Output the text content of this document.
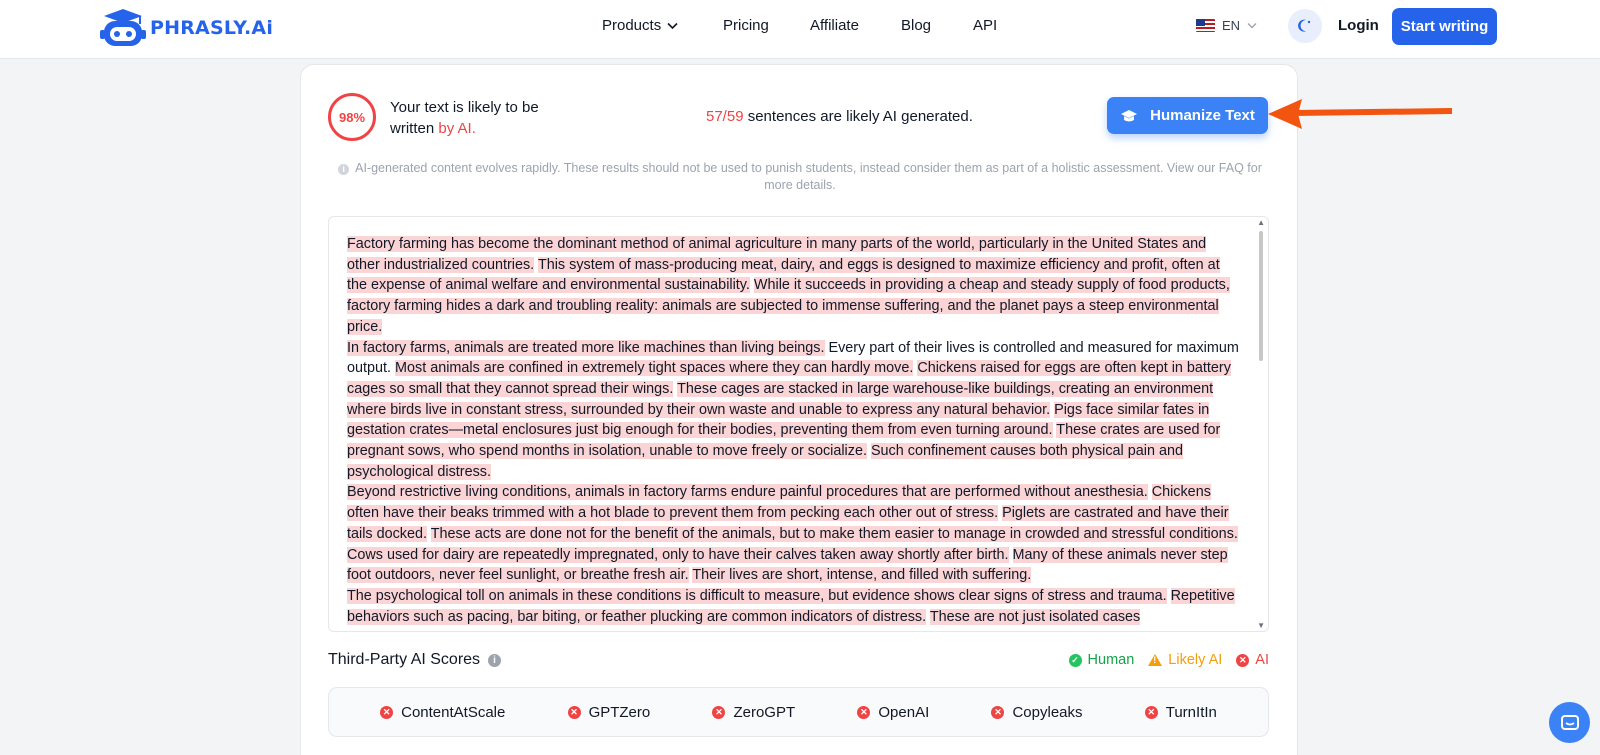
PHRASLY.Ai	Products	Pricing	Affiliate	Blog	API	EN	Login	Start writing
98%
Your text is likely to be written by AI.
57/59 sentences are likely AI generated.	Humanize Text
i AI-generated content evolves rapidly. These results should not be used to punish students, instead consider them as part of a holistic assessment. View our FAQ for more details.
Factory farming has become the dominant method of animal agriculture in many parts of the world, particularly in the United States and other industrialized countries. This system of mass-producing meat, dairy, and eggs is designed to maximize efficiency and profit, often at the expense of animal welfare and environmental sustainability. While it succeeds in providing a cheap and steady supply of food products, factory farming hides a dark and troubling reality: animals are subjected to immense suffering, and the planet pays a steep environmental price.
In factory farms, animals are treated more like machines than living beings. Every part of their lives is controlled and measured for maximum output. Most animals are confined in extremely tight spaces where they can hardly move. Chickens raised for eggs are often kept in battery cages so small that they cannot spread their wings. These cages are stacked in large warehouse-like buildings, creating an environment where birds live in constant stress, surrounded by their own waste and unable to express any natural behavior. Pigs face similar fates in gestation crates—metal enclosures just big enough for their bodies, preventing them from even turning around. These crates are used for pregnant sows, who spend months in isolation, unable to move freely or socialize. Such confinement causes both physical pain and psychological distress.
Beyond restrictive living conditions, animals in factory farms endure painful procedures that are performed without anesthesia. Chickens often have their beaks trimmed with a hot blade to prevent them from pecking each other out of stress. Piglets are castrated and have their tails docked. These acts are done not for the benefit of the animals, but to make them easier to manage in crowded and stressful conditions. Cows used for dairy are repeatedly impregnated, only to have their calves taken away shortly after birth. Many of these animals never step foot outdoors, never feel sunlight, or breathe fresh air. Their lives are short, intense, and filled with suffering.
The psychological toll on animals in these conditions is difficult to measure, but evidence shows clear signs of stress and trauma. Repetitive behaviors such as pacing, bar biting, or feather plucking are common indicators of distress. These are not just isolated cases
▲
▼
Third-Party AI Scores	i	✓ Human
! Likely AI	✕ AI
✕ ContentAtScale	✕ GPTZero	✕ ZeroGPT	✕ OpenAI	✕ Copyleaks	✕ TurnItIn
